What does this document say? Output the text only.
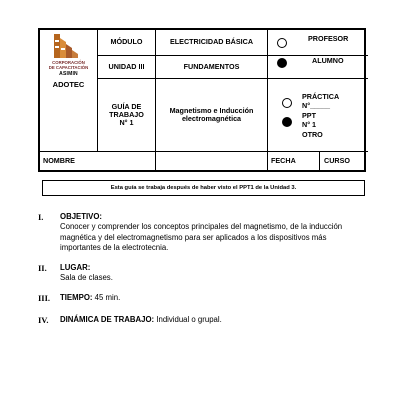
CORPORACIÓN
DE CAPACITACIÓN
ASIMIN
ADOTEC
MÓDULO	ELECTRICIDAD BÁSICA
UNIDAD III	FUNDAMENTOS
GUÍA DE
TRABAJO
N° 1
Magnetismo e Inducción electromagnética
PROFESOR
ALUMNO
PRÁCTICA
N°_____
PPT
N° 1
OTRO
NOMBRE	FECHA	CURSO
Esta guía se trabaja después de haber visto el PPT1 de la Unidad 3.
I. OBJETIVO:
Conocer y comprender los conceptos principales del magnetismo, de la inducción magnética y del electromagnetismo para ser aplicados a los dispositivos más importantes de la electrotecnia.
II. LUGAR:
Sala de clases.
III. TIEMPO: 45 min.
IV. DINÁMICA DE TRABAJO: Individual o grupal.
